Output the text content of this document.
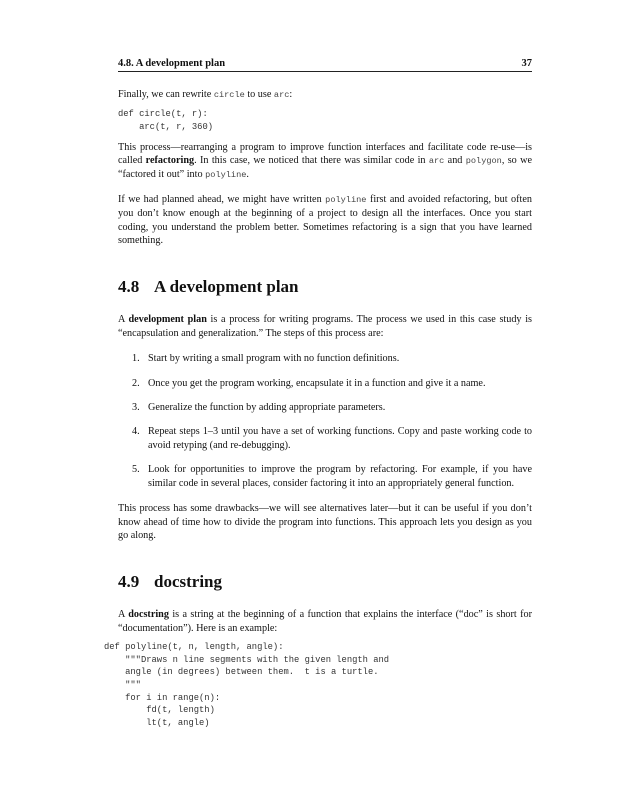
4.8. A development plan	37

Finally, we can rewrite circle to use arc:

def circle(t, r):
arc(t, r, 360)

This process—rearranging a program to improve function interfaces and facilitate code re-use—is called refactoring. In this case, we noticed that there was similar code in arc and polygon, so we “factored it out” into polyline.

If we had planned ahead, we might have written polyline first and avoided refactoring, but often you don’t know enough at the beginning of a project to design all the interfaces. Once you start coding, you understand the problem better. Sometimes refactoring is a sign that you have learned something.

4.8 A development plan

A development plan is a process for writing programs. The process we used in this case study is “encapsulation and generalization.” The steps of this process are:

1. Start by writing a small program with no function definitions.
2. Once you get the program working, encapsulate it in a function and give it a name.
3. Generalize the function by adding appropriate parameters.
4. Repeat steps 1–3 until you have a set of working functions. Copy and paste working code to avoid retyping (and re-debugging).
5. Look for opportunities to improve the program by refactoring. For example, if you have similar code in several places, consider factoring it into an appropriately general function.

This process has some drawbacks—we will see alternatives later—but it can be useful if you don’t know ahead of time how to divide the program into functions. This approach lets you design as you go along.

4.9 docstring

A docstring is a string at the beginning of a function that explains the interface (“doc” is short for “documentation”). Here is an example:

def polyline(t, n, length, angle):
"""Draws n line segments with the given length and
angle (in degrees) between them.  t is a turtle.
"""
for i in range(n):
fd(t, length)
lt(t, angle)
